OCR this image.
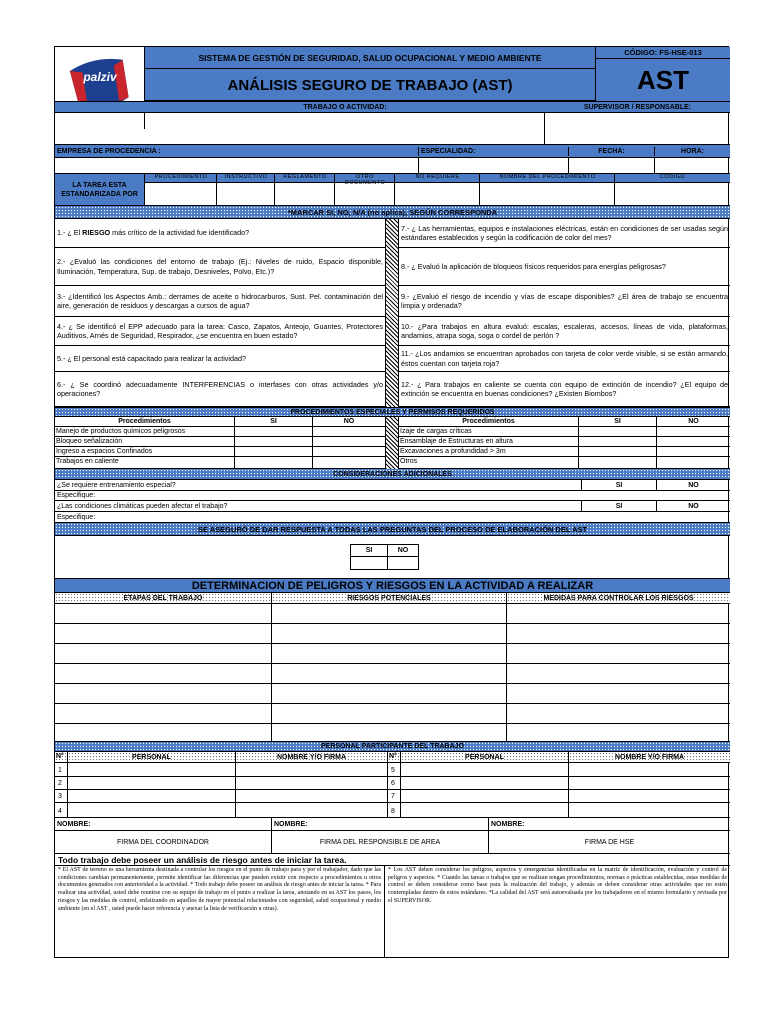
palziv
SISTEMA DE GESTIÓN DE SEGURIDAD, SALUD OCUPACIONAL Y MEDIO AMBIENTE
ANÁLISIS SEGURO DE TRABAJO (AST)
CÓDIGO: FS-HSE-013
AST
TRABAJO O ACTIVIDAD:	SUPERVISOR / RESPONSABLE:
EMPRESA DE PROCEDENCIA :	ESPECIALIDAD:	FECHA:	HORA:
LA TAREA ESTA ESTANDARIZADA POR
PROCEDIMIENTO	INSTRUCTIVO	REGLAMENTO	OTRO DOCUMENTO
NO REQUIERE	NOMBRE DEL PROCEDIMIENTO	CÓDIGO
*MARCAR SI, NO, N/A (no aplica), SEGÚN CORRESPONDA
1.- ¿ El RIESGO más crítico de la actividad fue identificado?
2.- ¿Evaluó las condiciones del entorno de trabajo (Ej.: Niveles de ruido, Espacio disponible, Iluminación, Temperatura, Sup. de trabajo, Desniveles, Polvo, Etc.)?
3.- ¿Identificó los Aspectos Amb.: derrames de aceite o hidrocarburos, Sust. Pel. contaminación del aire, generación de residuos y descargas a cursos de agua?
4.- ¿ Se identificó el EPP adecuado para la tarea: Casco, Zapatos, Anteojo, Guantes, Protectores Auditivos, Arnés de Seguridad, Respirador, ¿se encuentra en buen estado?
5.- ¿ El personal está capacitado para realizar la actividad?
6.- ¿ Se coordinó adecuadamente INTERFERENCIAS o interfases con otras actividades y/o operaciones?
7.- ¿ Las herramientas, equipos e instalaciones eléctricas, están en condiciones de ser usadas según estándares establecidos y según la codificación de color del mes?
8.- ¿ Evaluó la aplicación de bloqueos físicos requeridos para energías peligrosas?
9.- ¿Evaluó el riesgo de incendio y vías de escape disponibles? ¿El área de trabajo se encuentra limpia y ordenada?
10.- ¿Para trabajos en altura evaluó: escalas, escaleras, accesos, líneas de vida, plataformas, andamios, atrapa soga, soga o cordel de perlón ?
11.- ¿Los andamios se encuentran aprobados con tarjeta de color verde visible, si se están armando, éstos cuentan con tarjeta roja?
12.- ¿ Para trabajos en caliente se cuenta con equipo de extinción de incendio? ¿El equipo de extinción se encuentra en buenas condiciones? ¿Existen Biombos?
PROCEDIMIENTOS ESPECIALES Y PERMISOS REQUERIDOS
Procedimientos	SI	NO	Procedimientos	SI	NO
Manejo de productos químicos peligrosos
Bloqueo señalización
Ingreso a espacios Confinados
Trabajos en caliente
Izaje de cargas críticas
Ensamblaje de Estructuras en altura
Excavaciones a profundidad > 3m
Otros
CONSIDERACIONES ADICIONALES
¿Se requiere entrenamiento especial?	SI	NO
Especifique:
¿Las condiciones climáticas pueden afectar el trabajo?	SI	NO
Especifique:
SE ASEGURÓ DE DAR RESPUESTA A TODAS LAS PREGUNTAS DEL PROCESO DE ELABORACIÓN DEL AST
SI	NO
DETERMINACION DE PELIGROS Y RIESGOS EN LA ACTIVIDAD A REALIZAR
ETAPAS DEL TRABAJO	RIESGOS POTENCIALES	MEDIDAS PARA CONTROLAR LOS RIESGOS
PERSONAL PARTICIPANTE DEL TRABAJO
N°	PERSONAL	NOMBRE Y/O FIRMA	N°	PERSONAL	NOMBRE Y/O FIRMA
1	5
2	6
3	7
4	8
NOMBRE:
FIRMA DEL COORDINADOR
NOMBRE:
FIRMA DEL RESPONSIBLE DE AREA
NOMBRE:
FIRMA DE HSE
Todo trabajo debe poseer un análisis de riesgo antes de iniciar la tarea.
* El AST de terreno es una herramienta destinada a controlar los riesgos en el punto de trabajo para y por el trabajador, dado que las condiciones cambian permanentemente, permite identificar las diferencias que pueden existir con respecto a procedimientos u otros documentos generados con anterioridad a la actividad. * Todo trabajo debe poseer un análisis de riesgo antes de iniciar la tarea. * Para realizar una actividad, usted debe reunirse con su equipo de trabajo en el punto a realizar la tarea, anotando en su AST los pasos, los riesgos y las medidas de control, enfatizando en aquellos de mayor potencial relacionados con seguridad, salud ocupacional y medio ambiente (en el AST , usted puede hacer referencia y anexar la lista de verificación u otras).
* Los AST deben considerar los peligros, aspectos y emergencias identificadas en la matriz de identificación, evaluación y control de peligros y aspectos. * Cuando las tareas o trabajos que se realizan tengan procedimientos, normas o prácticas establecidas, estas medidas de control se deben considerar como base para la realización del trabajo, y además se deben considerar otras actividades que no estén contempladas dentro de estos estándares. *La calidad del AST será autoevaluada por los trabajadores en el mismo formulario y revisada por el SUPERVISOR.
